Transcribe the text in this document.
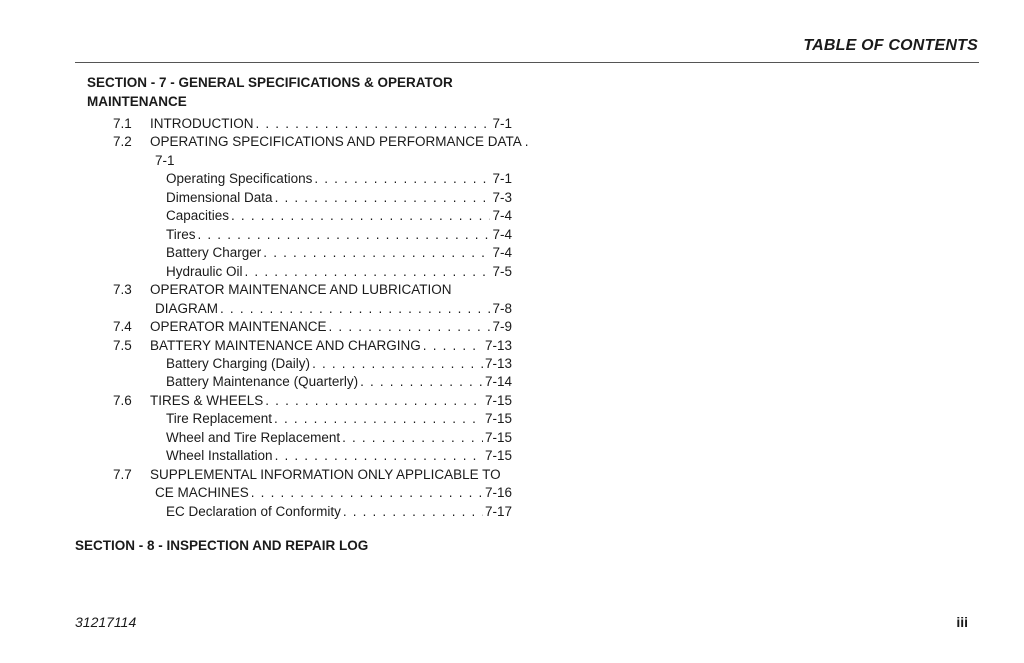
TABLE OF CONTENTS
SECTION - 7 - GENERAL SPECIFICATIONS & OPERATOR MAINTENANCE
7.1 INTRODUCTION . . .	7-1
7.2 OPERATING SPECIFICATIONS AND PERFORMANCE DATA .
7-1
Operating Specifications . . .	7-1
Dimensional Data . . .	7-3
Capacities . . .	7-4
Tires . . .	7-4
Battery Charger . . .	7-4
Hydraulic Oil . . .	7-5
7.3 OPERATOR MAINTENANCE AND LUBRICATION
DIAGRAM . . .	7-8
7.4 OPERATOR MAINTENANCE . . .	7-9
7.5 BATTERY MAINTENANCE AND CHARGING . . .	7-13
Battery Charging (Daily) . . .	7-13
Battery Maintenance (Quarterly) . . .	7-14
7.6 TIRES & WHEELS . . .	7-15
Tire Replacement . . .	7-15
Wheel and Tire Replacement . . .	7-15
Wheel Installation . . .	7-15
7.7 SUPPLEMENTAL INFORMATION ONLY APPLICABLE TO
CE MACHINES . . .	7-16
EC Declaration of Conformity . . .	7-17
SECTION - 8 - INSPECTION AND REPAIR LOG
31217114	iii
